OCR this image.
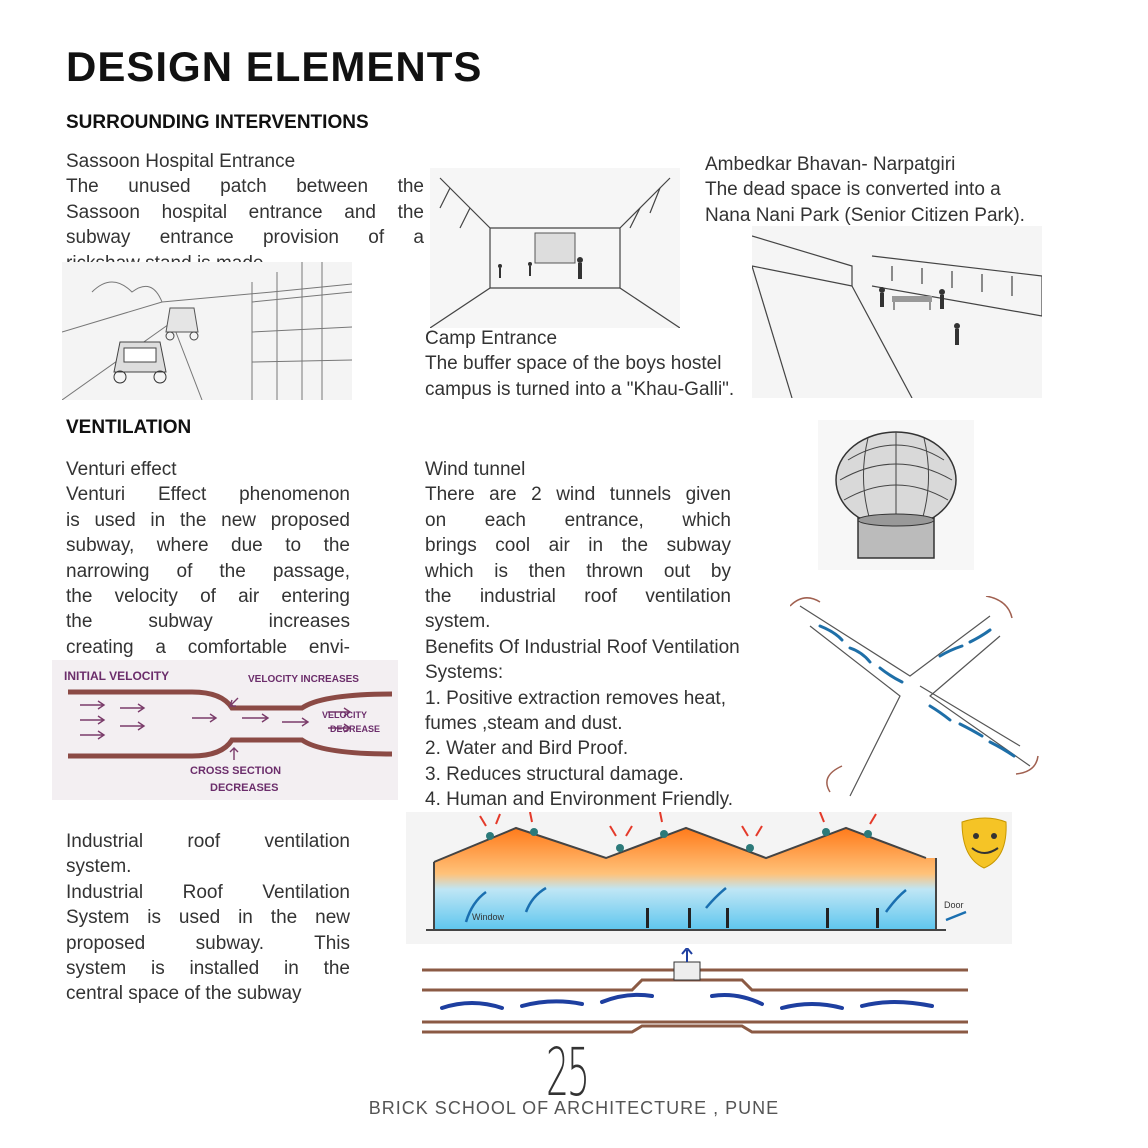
DESIGN ELEMENTS
SURROUNDING INTERVENTIONS

Sassoon Hospital Entrance

The unused patch between the

Sassoon hospital entrance and the

subway entrance provision of a

Camp Entrance

The buffer space of the boys hostel

campus is turned into a "Khau-Galli".

Ambedkar Bhavan- Narpatgiri

The dead space is converted into a

Nana Nani Park (Senior Citizen Park).

VENTILATION

Venturi effect

Venturi Effect phenomenon

is used in the new proposed

subway, where due to the

narrowing of the passage,

the velocity of air entering

the subway increases

creating a comfortable envi-

INITIAL VELOCITY	VELOCITY INCREASES
VELOCITY
DECREASE
CROSS SECTION
DECREASES

Industrial roof ventilation

system.

Industrial Roof Ventilation

System is used in the new

proposed subway. This

system is installed in the

central space of the subway

Wind tunnel

There are 2 wind tunnels given

on each entrance, which

brings cool air in the subway

which is then thrown out by

the industrial roof ventilation

system.

Benefits Of Industrial Roof Ventilation

Systems:

1. Positive extraction removes heat,

fumes ,steam and dust.

2. Water and Bird Proof.

3. Reduces structural damage.

4. Human and Environment Friendly.

Window
Door
25
BRICK SCHOOL OF ARCHITECTURE , PUNE
